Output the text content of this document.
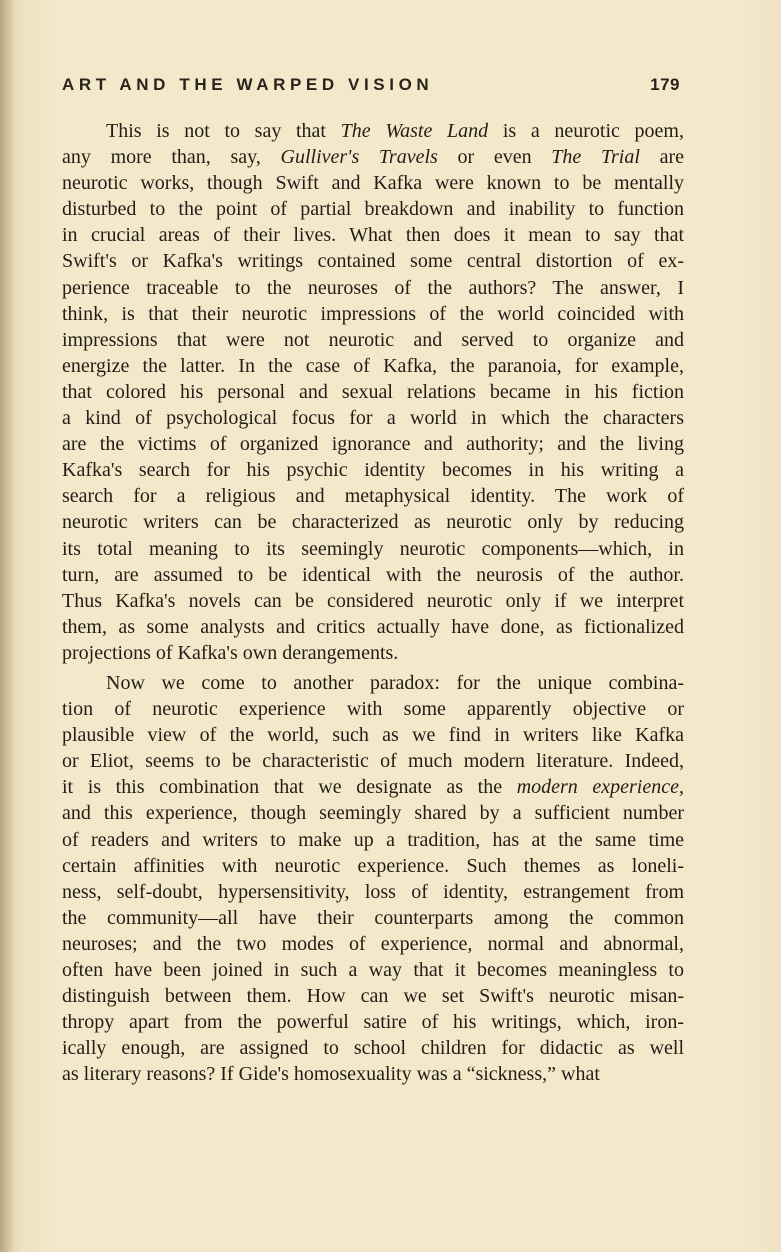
ART AND THE WARPED VISION	179
This is not to say that The Waste Land is a neurotic poem,
any more than, say, Gulliver's Travels or even The Trial are
neurotic works, though Swift and Kafka were known to be mentally
disturbed to the point of partial breakdown and inability to function
in crucial areas of their lives. What then does it mean to say that
Swift's or Kafka's writings contained some central distortion of ex-
perience traceable to the neuroses of the authors? The answer, I
think, is that their neurotic impressions of the world coincided with
impressions that were not neurotic and served to organize and
energize the latter. In the case of Kafka, the paranoia, for example,
that colored his personal and sexual relations became in his fiction
a kind of psychological focus for a world in which the characters
are the victims of organized ignorance and authority; and the living
Kafka's search for his psychic identity becomes in his writing a
search for a religious and metaphysical identity. The work of
neurotic writers can be characterized as neurotic only by reducing
its total meaning to its seemingly neurotic components—which, in
turn, are assumed to be identical with the neurosis of the author.
Thus Kafka's novels can be considered neurotic only if we interpret
them, as some analysts and critics actually have done, as fictionalized
projections of Kafka's own derangements.
Now we come to another paradox: for the unique combina-
tion of neurotic experience with some apparently objective or
plausible view of the world, such as we find in writers like Kafka
or Eliot, seems to be characteristic of much modern literature. Indeed,
it is this combination that we designate as the modern experience,
and this experience, though seemingly shared by a sufficient number
of readers and writers to make up a tradition, has at the same time
certain affinities with neurotic experience. Such themes as loneli-
ness, self-doubt, hypersensitivity, loss of identity, estrangement from
the community—all have their counterparts among the common
neuroses; and the two modes of experience, normal and abnormal,
often have been joined in such a way that it becomes meaningless to
distinguish between them. How can we set Swift's neurotic misan-
thropy apart from the powerful satire of his writings, which, iron-
ically enough, are assigned to school children for didactic as well
as literary reasons? If Gide's homosexuality was a “sickness,” what
